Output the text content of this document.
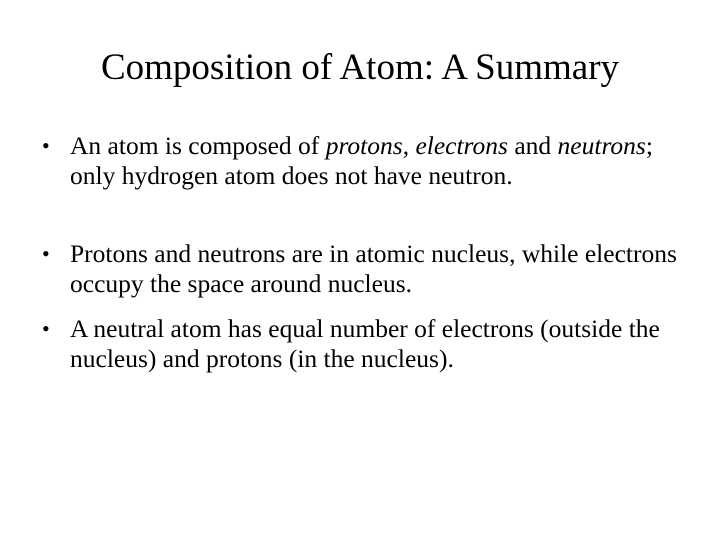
Composition of Atom: A Summary
• An atom is composed of protons, electrons and neutrons; only hydrogen atom does not have neutron.
• Protons and neutrons are in atomic nucleus, while electrons occupy the space around nucleus.
• A neutral atom has equal number of electrons (outside the nucleus) and protons (in the nucleus).
